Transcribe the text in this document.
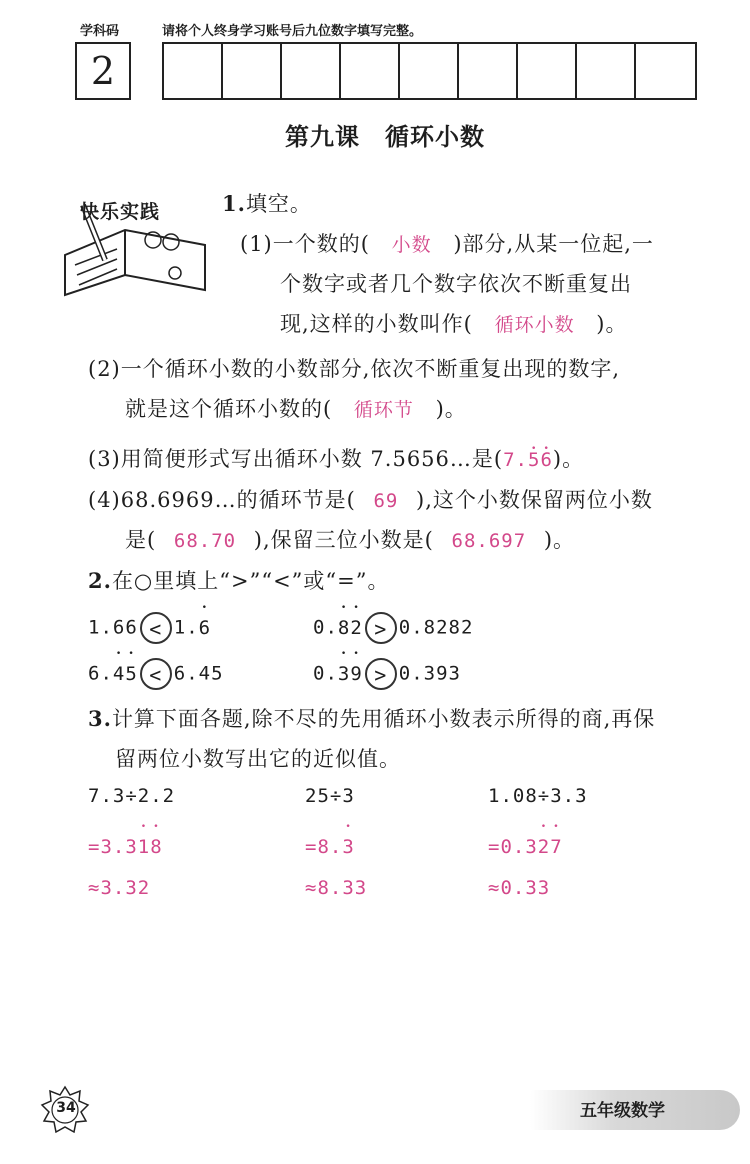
学科码	请将个人终身学习账号后九位数字填写完整。
2
第九课　循环小数
快乐实践	1.填空。
(1)一个数的( 小数 )部分,从某一位起,一
个数字或者几个数字依次不断重复出
现,这样的小数叫作( 循环小数 )。
(2)一个循环小数的小数部分,依次不断重复出现的数字,
就是这个循环小数的( 循环节 )。
(3)用简便形式写出循环小数 7.5656…是(7.• 5• 6)。
(4)68.6969…的循环节是( 69 ),这个小数保留两位小数
是( 68.70 ),保留三位小数是( 68.697 )。
2.在○里填上“>”“<”或“=”。
1.66 < 1.• 6	0.• 8• 2 > 0.8282
6.• 4• 5 < 6.45	0.• 3• 9 > 0.393
3.计算下面各题,除不尽的先用循环小数表示所得的商,再保
留两位小数写出它的近似值。
7.3÷2.2	25÷3	1.08÷3.3
=3.3• 1• 8	=8.• 3	=0.3• 2• 7
≈3.32	≈8.33	≈0.33
34	五年级数学
